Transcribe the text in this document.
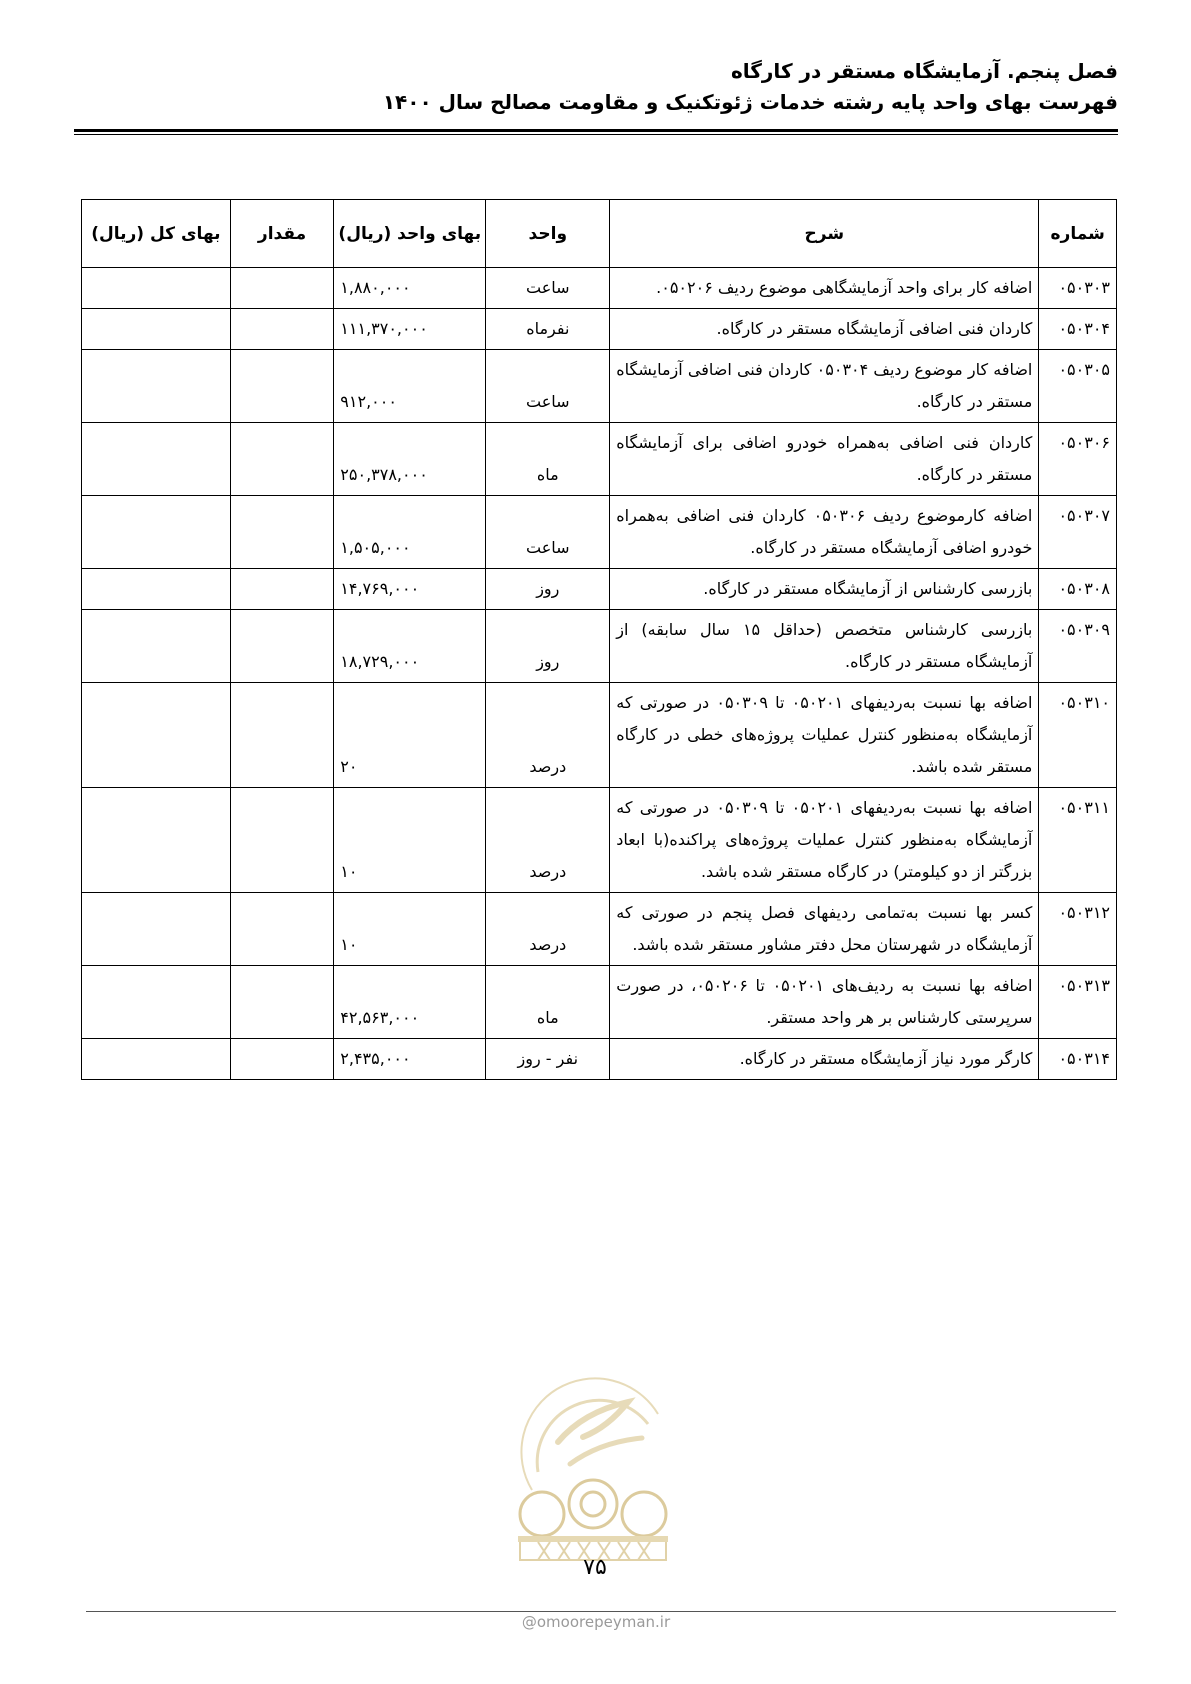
فصل پنجم. آزمایشگاه مستقر در کارگاه
فهرست بهای واحد پایه رشته خدمات ژئوتکنیک و مقاومت مصالح سال ۱۴۰۰
شماره	شرح	واحد	بهای واحد (ریال)	مقدار	بهای کل (ریال)
۰۵۰۳۰۳	اضافه کار برای واحد آزمایشگاهی موضوع ردیف ۰۵۰۲۰۶.	ساعت	۱,۸۸۰,۰۰۰		
۰۵۰۳۰۴	کاردان فنی اضافی آزمایشگاه مستقر در کارگاه.	نفرماه	۱۱۱,۳۷۰,۰۰۰		
۰۵۰۳۰۵	اضافه کار موضوع ردیف ۰۵۰۳۰۴ کاردان فنی اضافی آزمایشگاه مستقر در کارگاه.	ساعت	۹۱۲,۰۰۰		
۰۵۰۳۰۶	کاردان فنی اضافی به‌همراه خودرو اضافی برای آزمایشگاه مستقر در کارگاه.	ماه	۲۵۰,۳۷۸,۰۰۰		
۰۵۰۳۰۷	اضافه کارموضوع ردیف ۰۵۰۳۰۶ کاردان فنی اضافی به‌همراه خودرو اضافی آزمایشگاه مستقر در کارگاه.	ساعت	۱,۵۰۵,۰۰۰		
۰۵۰۳۰۸	بازرسی کارشناس از آزمایشگاه مستقر در کارگاه.	روز	۱۴,۷۶۹,۰۰۰		
۰۵۰۳۰۹	بازرسی کارشناس متخصص (حداقل ۱۵ سال سابقه) از آزمایشگاه مستقر در کارگاه.	روز	۱۸,۷۲۹,۰۰۰		
۰۵۰۳۱۰	اضافه بها نسبت به‌ردیفهای ۰۵۰۲۰۱ تا ۰۵۰۳۰۹ در صورتی که آزمایشگاه به‌منظور کنترل عملیات پروژه‌های خطی در کارگاه مستقر شده باشد.	درصد	۲۰		
۰۵۰۳۱۱	اضافه بها نسبت به‌ردیفهای ۰۵۰۲۰۱ تا ۰۵۰۳۰۹ در صورتی که آزمایشگاه به‌منظور کنترل عملیات پروژه‌های پراکنده(با ابعاد بزرگتر از دو کیلومتر) در کارگاه مستقر شده باشد.	درصد	۱۰		
۰۵۰۳۱۲	کسر بها نسبت به‌تمامی ردیفهای فصل پنجم در صورتی که آزمایشگاه در شهرستان محل دفتر مشاور مستقر شده باشد.	درصد	۱۰		
۰۵۰۳۱۳	اضافه بها نسبت به ردیف‌های ۰۵۰۲۰۱ تا ۰۵۰۲۰۶، در صورت سرپرستی کارشناس بر هر واحد مستقر.	ماه	۴۲,۵۶۳,۰۰۰		
۰۵۰۳۱۴	کارگر مورد نیاز آزمایشگاه مستقر در کارگاه.	نفر - روز	۲,۴۳۵,۰۰۰		
۷۵
@omoorepeyman.ir
